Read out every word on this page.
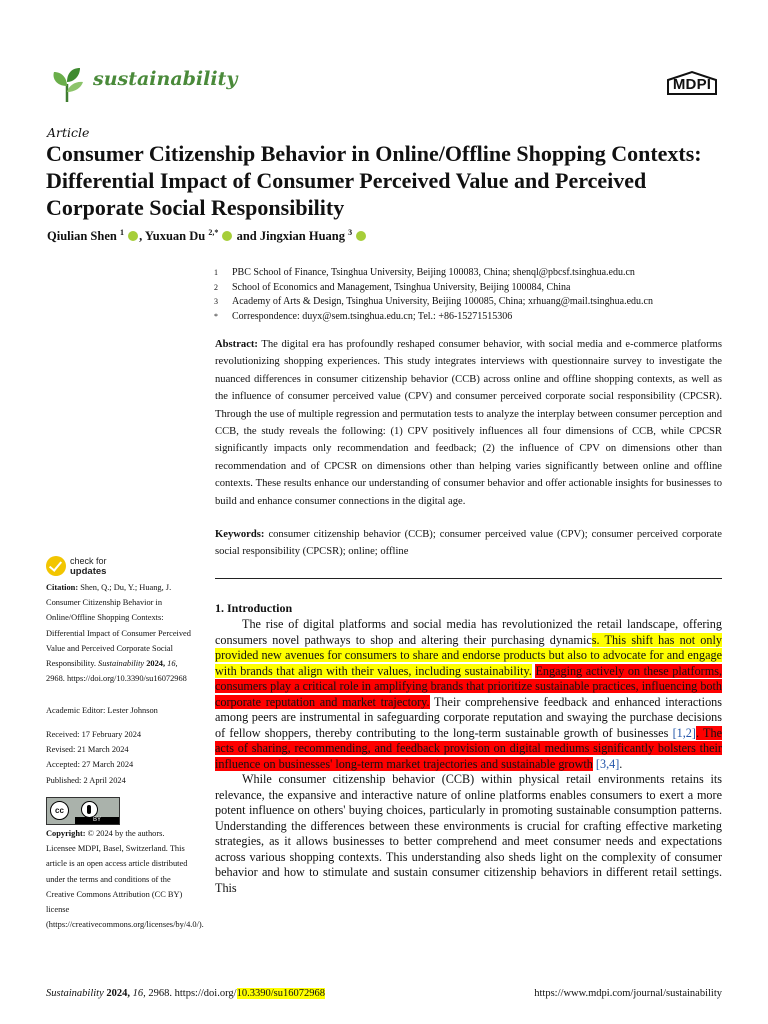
sustainability	MDPI
Article
Consumer Citizenship Behavior in Online/Offline Shopping Contexts: Differential Impact of Consumer Perceived Value and Perceived Corporate Social Responsibility
Qiulian Shen $^1$ , Yuxuan Du $^{2,*}$ and Jingxian Huang $^3$
1	PBC School of Finance, Tsinghua University, Beijing 100083, China; shenql@pbcsf.tsinghua.edu.cn
2	School of Economics and Management, Tsinghua University, Beijing 100084, China
3	Academy of Arts & Design, Tsinghua University, Beijing 100085, China; xrhuang@mail.tsinghua.edu.cn
*	Correspondence: duyx@sem.tsinghua.edu.cn; Tel.: +86-15271515306
Abstract: The digital era has profoundly reshaped consumer behavior, with social media and e-commerce platforms revolutionizing shopping experiences. This study integrates interviews with questionnaire survey to investigate the nuanced differences in consumer citizenship behavior (CCB) across online and offline shopping contexts, as well as the influence of consumer perceived value (CPV) and consumer perceived corporate social responsibility (CPCSR). Through the use of multiple regression and permutation tests to analyze the interplay between consumer perception and CCB, the study reveals the following: (1) CPV positively influences all four dimensions of CCB, while CPCSR significantly impacts only recommendation and feedback; (2) the influence of CPV on dimensions other than recommendation and of CPCSR on dimensions other than helping varies significantly between online and offline contexts. These results enhance our understanding of consumer behavior and offer actionable insights for businesses to build and enhance consumer connections in the digital age.
Keywords: consumer citizenship behavior (CCB); consumer perceived value (CPV); consumer perceived corporate social responsibility (CPCSR); online; offline
check for
updates
Citation: Shen, Q.; Du, Y.; Huang, J. Consumer Citizenship Behavior in Online/Offline Shopping Contexts: Differential Impact of Consumer Perceived Value and Perceived Corporate Social Responsibility. Sustainability 2024, 16, 2968. https://doi.org/10.3390/su16072968
Academic Editor: Lester Johnson
Received: 17 February 2024
Revised: 21 March 2024
Accepted: 27 March 2024
Published: 2 April 2024
cc
BY
Copyright: © 2024 by the authors. Licensee MDPI, Basel, Switzerland. This article is an open access article distributed under the terms and conditions of the Creative Commons Attribution (CC BY) license (https://creativecommons.org/licenses/by/4.0/).
1. Introduction

The rise of digital platforms and social media has revolutionized the retail landscape, offering consumers novel pathways to shop and altering their purchasing dynamics. This shift has not only provided new avenues for consumers to share and endorse products but also to advocate for and engage with brands that align with their values, including sustainability. Engaging actively on these platforms, consumers play a critical role in amplifying brands that prioritize sustainable practices, influencing both corporate reputation and market trajectory. Their comprehensive feedback and enhanced interactions among peers are instrumental in safeguarding corporate reputation and swaying the purchase decisions of fellow shoppers, thereby contributing to the long-term sustainable growth of businesses [1,2]. The acts of sharing, recommending, and feedback provision on digital mediums significantly bolsters their influence on businesses' long-term market trajectories and sustainable growth [3,4].

While consumer citizenship behavior (CCB) within physical retail environments retains its relevance, the expansive and interactive nature of online platforms enables consumers to exert a more potent influence on others' buying choices, particularly in promoting sustainable consumption patterns. Understanding the differences between these environments is crucial for crafting effective marketing strategies, as it allows businesses to better comprehend and meet consumer needs and expectations across various shopping contexts. This understanding also sheds light on the complexity of consumer behavior and how to stimulate and sustain consumer citizenship behaviors in different retail settings. This

Sustainability 2024, 16, 2968. https://doi.org/10.3390/su16072968	https://www.mdpi.com/journal/sustainability
